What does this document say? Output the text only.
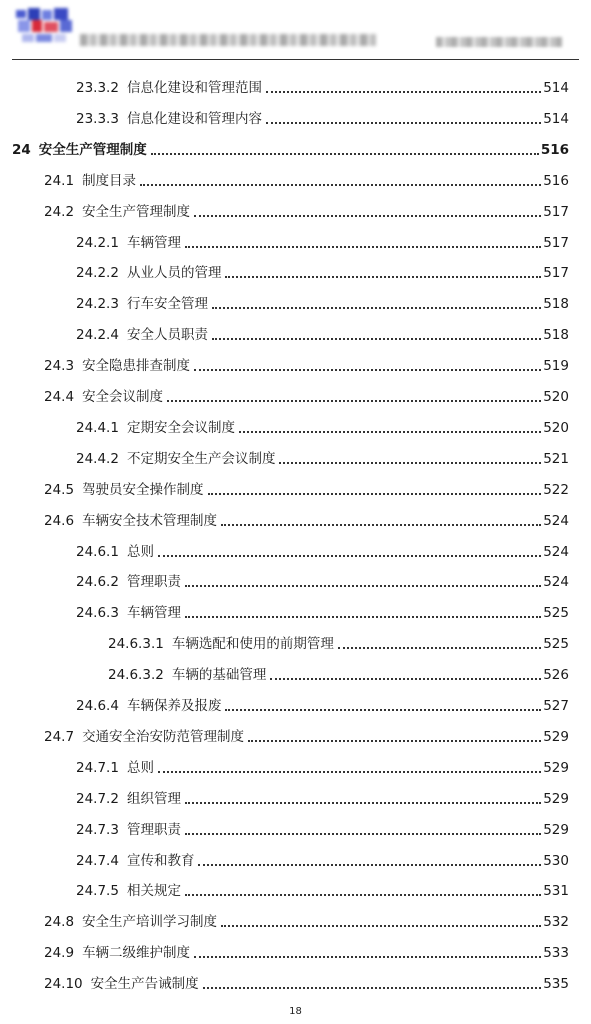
23.3.2 信息化建设和管理范围	514
23.3.3 信息化建设和管理内容	514
24 安全生产管理制度	516
24.1 制度目录	516
24.2 安全生产管理制度	517
24.2.1 车辆管理	517
24.2.2 从业人员的管理	517
24.2.3 行车安全管理	518
24.2.4 安全人员职责	518
24.3 安全隐患排查制度	519
24.4 安全会议制度	520
24.4.1 定期安全会议制度	520
24.4.2 不定期安全生产会议制度	521
24.5 驾驶员安全操作制度	522
24.6 车辆安全技术管理制度	524
24.6.1 总则	524
24.6.2 管理职责	524
24.6.3 车辆管理	525
24.6.3.1 车辆选配和使用的前期管理	525
24.6.3.2 车辆的基础管理	526
24.6.4 车辆保养及报废	527
24.7 交通安全治安防范管理制度	529
24.7.1 总则	529
24.7.2 组织管理	529
24.7.3 管理职责	529
24.7.4 宣传和教育	530
24.7.5 相关规定	531
24.8 安全生产培训学习制度	532
24.9 车辆二级维护制度	533
24.10 安全生产告诫制度	535
18
